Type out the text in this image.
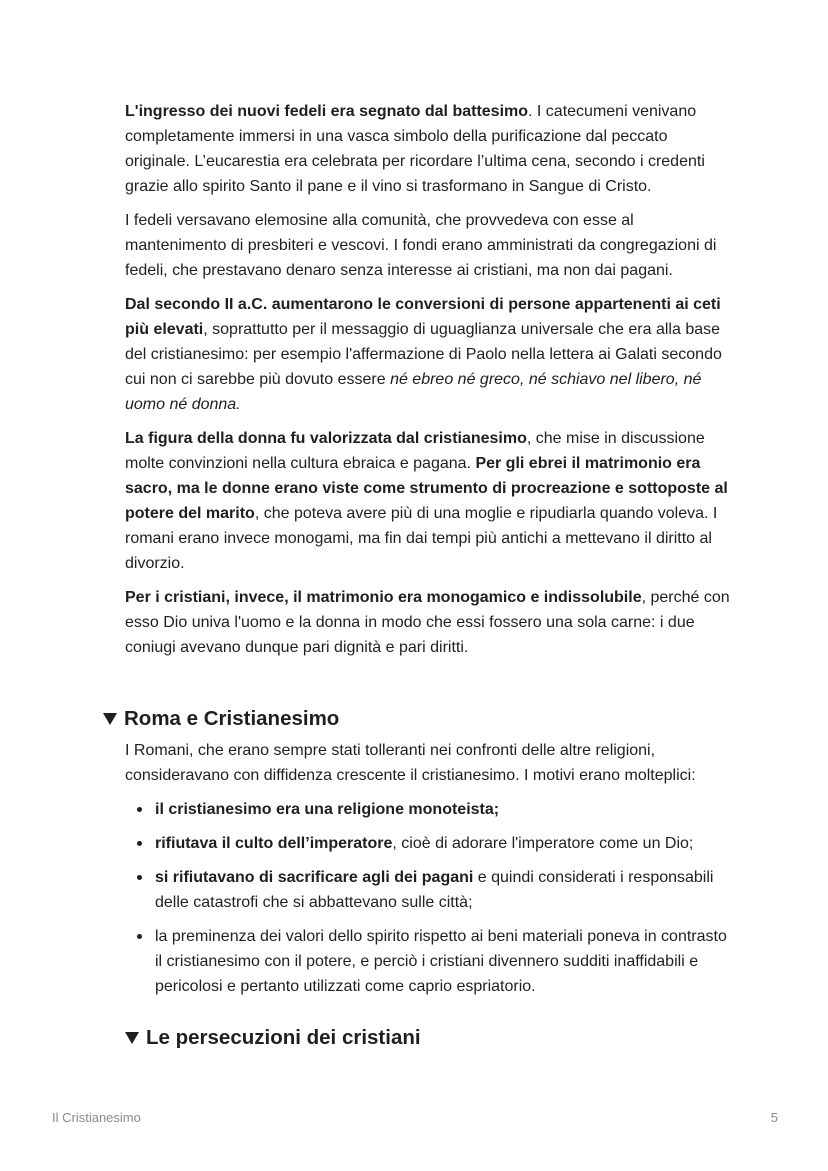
L'ingresso dei nuovi fedeli era segnato dal battesimo. I catecumeni venivano completamente immersi in una vasca simbolo della purificazione dal peccato originale. L’eucarestia era celebrata per ricordare l’ultima cena, secondo i credenti grazie allo spirito Santo il pane e il vino si trasformano in Sangue di Cristo.

I fedeli versavano elemosine alla comunità, che provvedeva con esse al mantenimento di presbiteri e vescovi. I fondi erano amministrati da congregazioni di fedeli, che prestavano denaro senza interesse ai cristiani, ma non dai pagani.

Dal secondo II a.C. aumentarono le conversioni di persone appartenenti ai ceti più elevati, soprattutto per il messaggio di uguaglianza universale che era alla base del cristianesimo: per esempio l'affermazione di Paolo nella lettera ai Galati secondo cui non ci sarebbe più dovuto essere né ebreo né greco, né schiavo nel libero, né uomo né donna.

La figura della donna fu valorizzata dal cristianesimo, che mise in discussione molte convinzioni nella cultura ebraica e pagana. Per gli ebrei il matrimonio era sacro, ma le donne erano viste come strumento di procreazione e sottoposte al potere del marito, che poteva avere più di una moglie e ripudiarla quando voleva. I romani erano invece monogami, ma fin dai tempi più antichi a mettevano il diritto al divorzio.

Per i cristiani, invece, il matrimonio era monogamico e indissolubile, perché con esso Dio univa l'uomo e la donna in modo che essi fossero una sola carne: i due coniugi avevano dunque pari dignità e pari diritti.

Roma e Cristianesimo

I Romani, che erano sempre stati tolleranti nei confronti delle altre religioni, consideravano con diffidenza crescente il cristianesimo. I motivi erano molteplici:

il cristianesimo era una religione monoteista;
rifiutava il culto dell’imperatore, cioè di adorare l'imperatore come un Dio;
si rifiutavano di sacrificare agli dei pagani e quindi considerati i responsabili delle catastrofi che si abbattevano sulle città;
la preminenza dei valori dello spirito rispetto ai beni materiali poneva in contrasto il cristianesimo con il potere, e perciò i cristiani divennero sudditi inaffidabili e pericolosi e pertanto utilizzati come caprio espriatorio.
Le persecuzioni dei cristiani
Il Cristianesimo	5
